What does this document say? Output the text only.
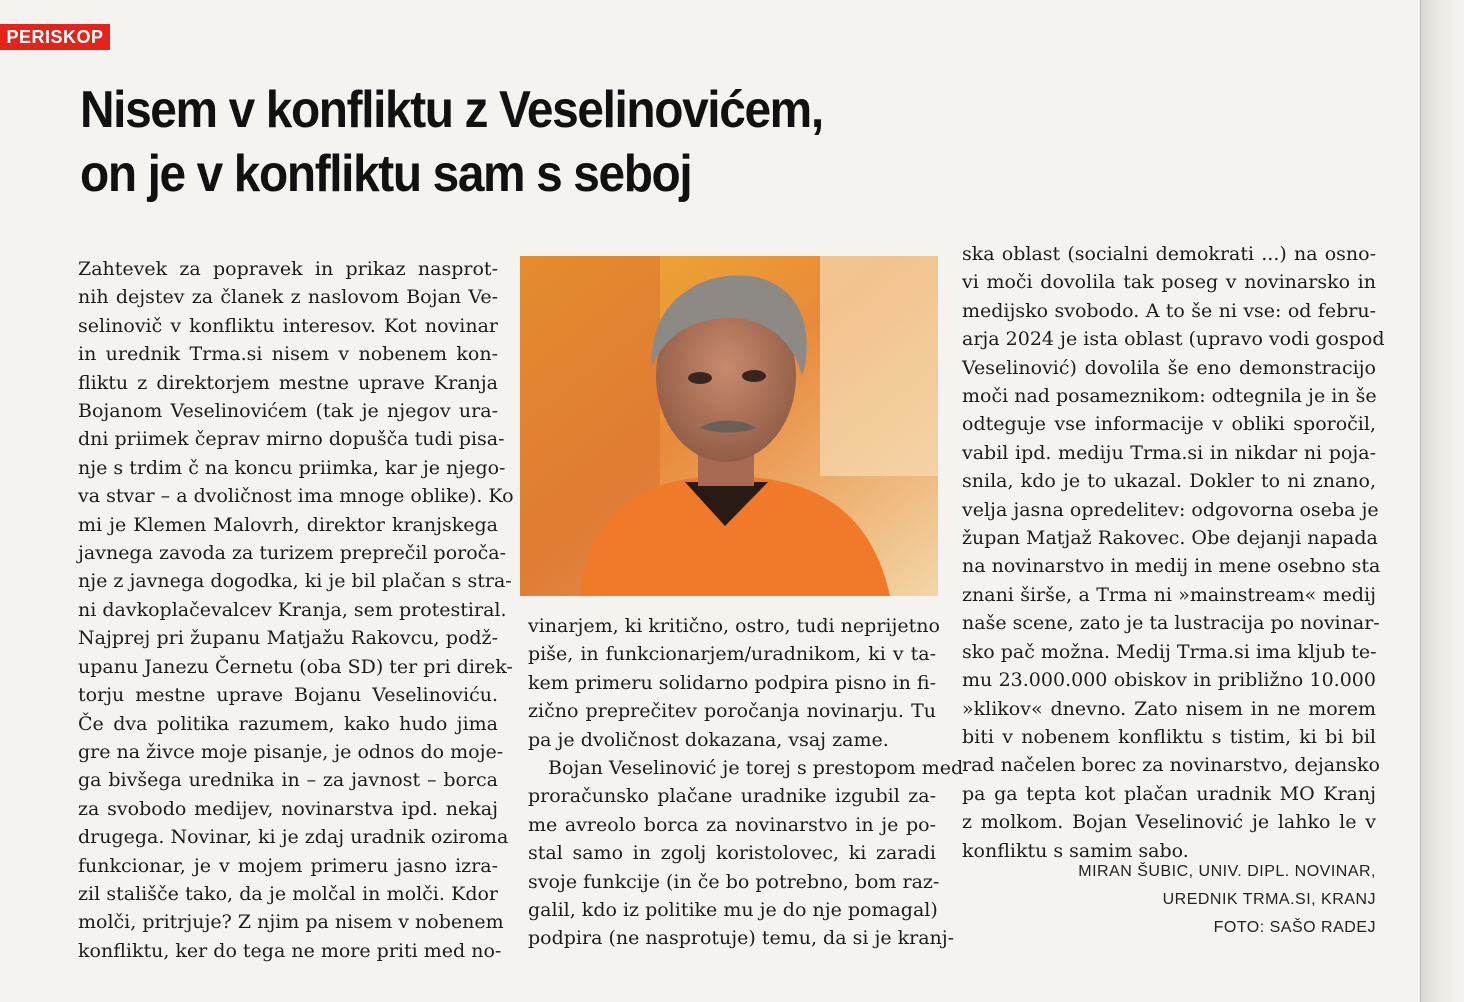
PERISKOP
Nisem v konfliktu z Veselinovićem,
on je v konfliktu sam s seboj
Zahtevek za popravek in prikaz nasprot-
nih dejstev za članek z naslovom Bojan Ve-
selinovič v konfliktu interesov. Kot novinar
in urednik Trma.si nisem v nobenem kon-
fliktu z direktorjem mestne uprave Kranja
Bojanom Veselinovićem (tak je njegov ura-
dni priimek čeprav mirno dopušča tudi pisa-
nje s trdim č na koncu priimka, kar je njego-
va stvar – a dvoličnost ima mnoge oblike). Ko
mi je Klemen Malovrh, direktor kranjskega
javnega zavoda za turizem preprečil poroča-
nje z javnega dogodka, ki je bil plačan s stra-
ni davkoplačevalcev Kranja, sem protestiral.
Najprej pri županu Matjažu Rakovcu, podž-
upanu Janezu Černetu (oba SD) ter pri direk-
torju mestne uprave Bojanu Veselinoviću.
Če dva politika razumem, kako hudo jima
gre na živce moje pisanje, je odnos do moje-
ga bivšega urednika in – za javnost – borca
za svobodo medijev, novinarstva ipd. nekaj
drugega. Novinar, ki je zdaj uradnik oziroma
funkcionar, je v mojem primeru jasno izra-
zil stališče tako, da je molčal in molči. Kdor
molči, pritrjuje? Z njim pa nisem v nobenem
konfliktu, ker do tega ne more priti med no-
vinarjem, ki kritično, ostro, tudi neprijetno
piše, in funkcionarjem/uradnikom, ki v ta-
kem primeru solidarno podpira pisno in fi-
zično preprečitev poročanja novinarju. Tu
pa je dvoličnost dokazana, vsaj zame.
Bojan Veselinović je torej s prestopom med
proračunsko plačane uradnike izgubil za-
me avreolo borca za novinarstvo in je po-
stal samo in zgolj koristolovec, ki zaradi
svoje funkcije (in če bo potrebno, bom raz-
galil, kdo iz politike mu je do nje pomagal)
podpira (ne nasprotuje) temu, da si je kranj-
ska oblast (socialni demokrati ...) na osno-
vi moči dovolila tak poseg v novinarsko in
medijsko svobodo. A to še ni vse: od febru-
arja 2024 je ista oblast (upravo vodi gospod
Veselinović) dovolila še eno demonstracijo
moči nad posameznikom: odtegnila je in še
odteguje vse informacije v obliki sporočil,
vabil ipd. mediju Trma.si in nikdar ni poja-
snila, kdo je to ukazal. Dokler to ni znano,
velja jasna opredelitev: odgovorna oseba je
župan Matjaž Rakovec. Obe dejanji napada
na novinarstvo in medij in mene osebno sta
znani širše, a Trma ni »mainstream« medij
naše scene, zato je ta lustracija po novinar-
sko pač možna. Medij Trma.si ima kljub te-
mu 23.000.000 obiskov in približno 10.000
»klikov« dnevno. Zato nisem in ne morem
biti v nobenem konfliktu s tistim, ki bi bil
rad načelen borec za novinarstvo, dejansko
pa ga tepta kot plačan uradnik MO Kranj
z molkom. Bojan Veselinović je lahko le v
konfliktu s samim sabo.
MIRAN ŠUBIC, UNIV. DIPL. NOVINAR,
UREDNIK TRMA.SI, KRANJ
FOTO: SAŠO RADEJ
